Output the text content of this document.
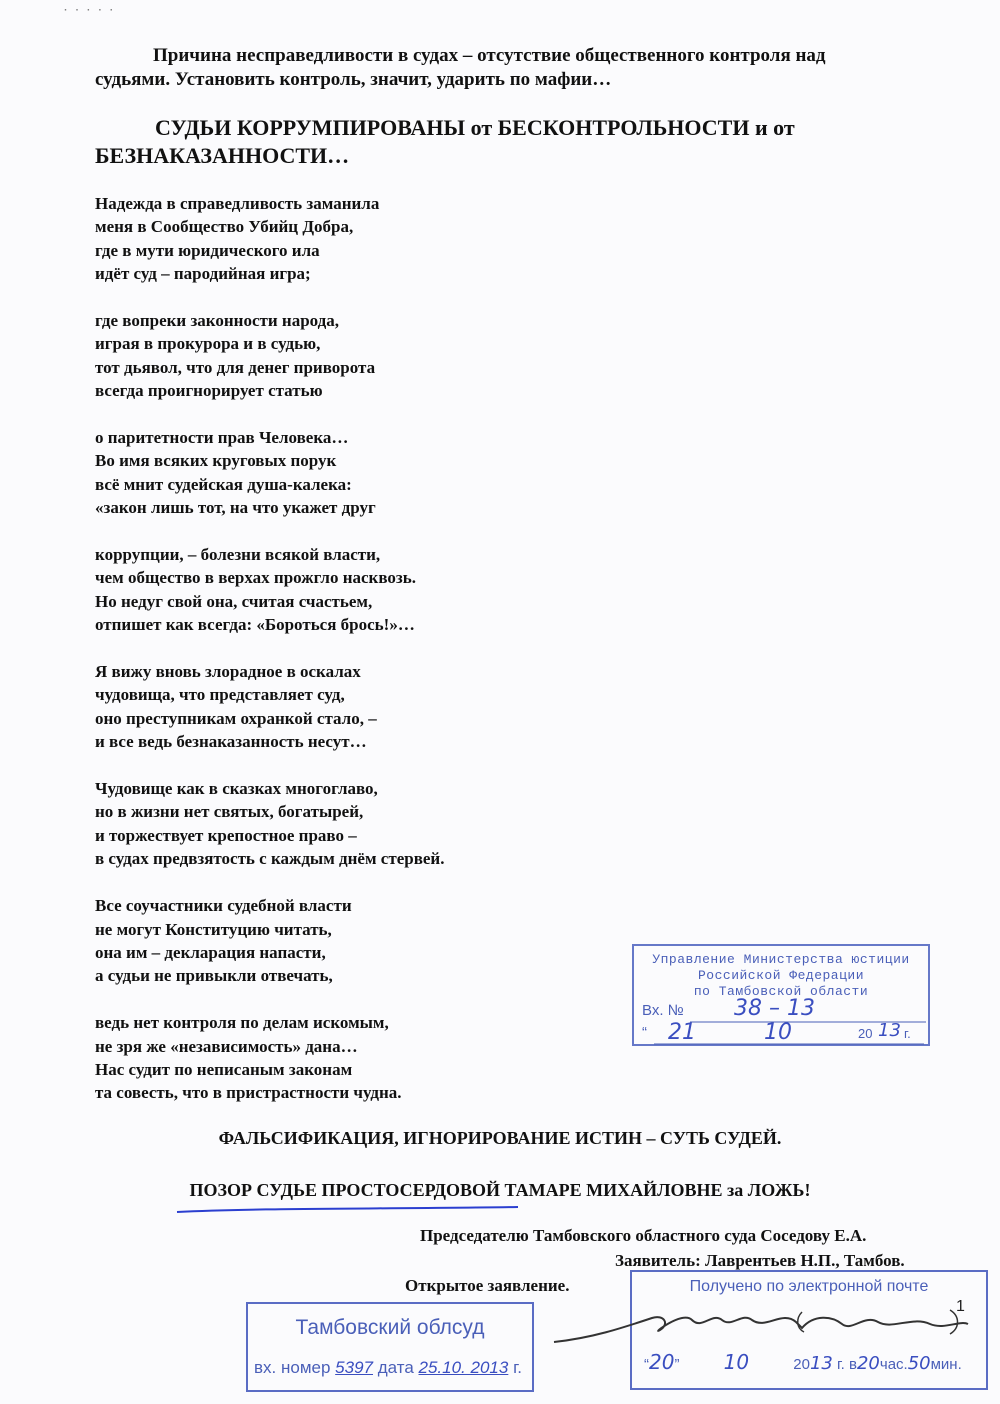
˙ ˙ ˙ ˙ ˙
Причина несправедливости в судах – отсутствие общественного контроля над
судьями. Установить контроль, значит, ударить по мафии…
СУДЬИ КОРРУМПИРОВАНЫ от БЕСКОНТРОЛЬНОСТИ и от
БЕЗНАКАЗАННОСТИ…
Надежда в справедливость заманила
меня в Сообщество Убийц Добра,
где в мути юридического ила
идёт суд – пародийная игра;
где вопреки законности народа,
играя в прокурора и в судью,
тот дьявол, что для денег приворота
всегда проигнорирует статью
о паритетности прав Человека…
Во имя всяких круговых порук
всё мнит судейская душа-калека:
«закон лишь тот, на что укажет друг
коррупции, – болезни всякой власти,
чем общество в верхах прожгло насквозь.
Но недуг свой она, считая счастьем,
отпишет как всегда: «Бороться брось!»…
Я вижу вновь злорадное в оскалах
чудовища, что представляет суд,
оно преступникам охранкой стало, –
и все ведь безнаказанность несут…
Чудовище как в сказках многоглаво,
но в жизни нет святых, богатырей,
и торжествует крепостное право –
в судах предвзятость с каждым днём стервей.
Все соучастники судебной власти
не могут Конституцию читать,
она им – декларация напасти,
а судьи не привыкли отвечать,
ведь нет контроля по делам искомым,
не зря же «независимость» дана…
Нас судит по неписаным законам
та совесть, что в пристрастности чудна.
ФАЛЬСИФИКАЦИЯ, ИГНОРИРОВАНИЕ ИСТИН – СУТЬ СУДЕЙ.
ПОЗОР СУДЬЕ ПРОСТОСЕРДОВОЙ ТАМАРЕ МИХАЙЛОВНЕ за ЛОЖЬ!
Председателю Тамбовского областного суда Соседову Е.А.
Заявитель: Лаврентьев Н.П., Тамбов.
Открытое заявление.
Управление Министерства юстиции
Российской Федерации
по Тамбовской области
Вх. № 38 – 13
“ 21	10	20 13 г.
Тамбовский облсуд
вх. номер 5397 дата 25.10. 2013 г.
Получено по электронной почте
“20” 10	2013 г. в20час.50мин.
1
